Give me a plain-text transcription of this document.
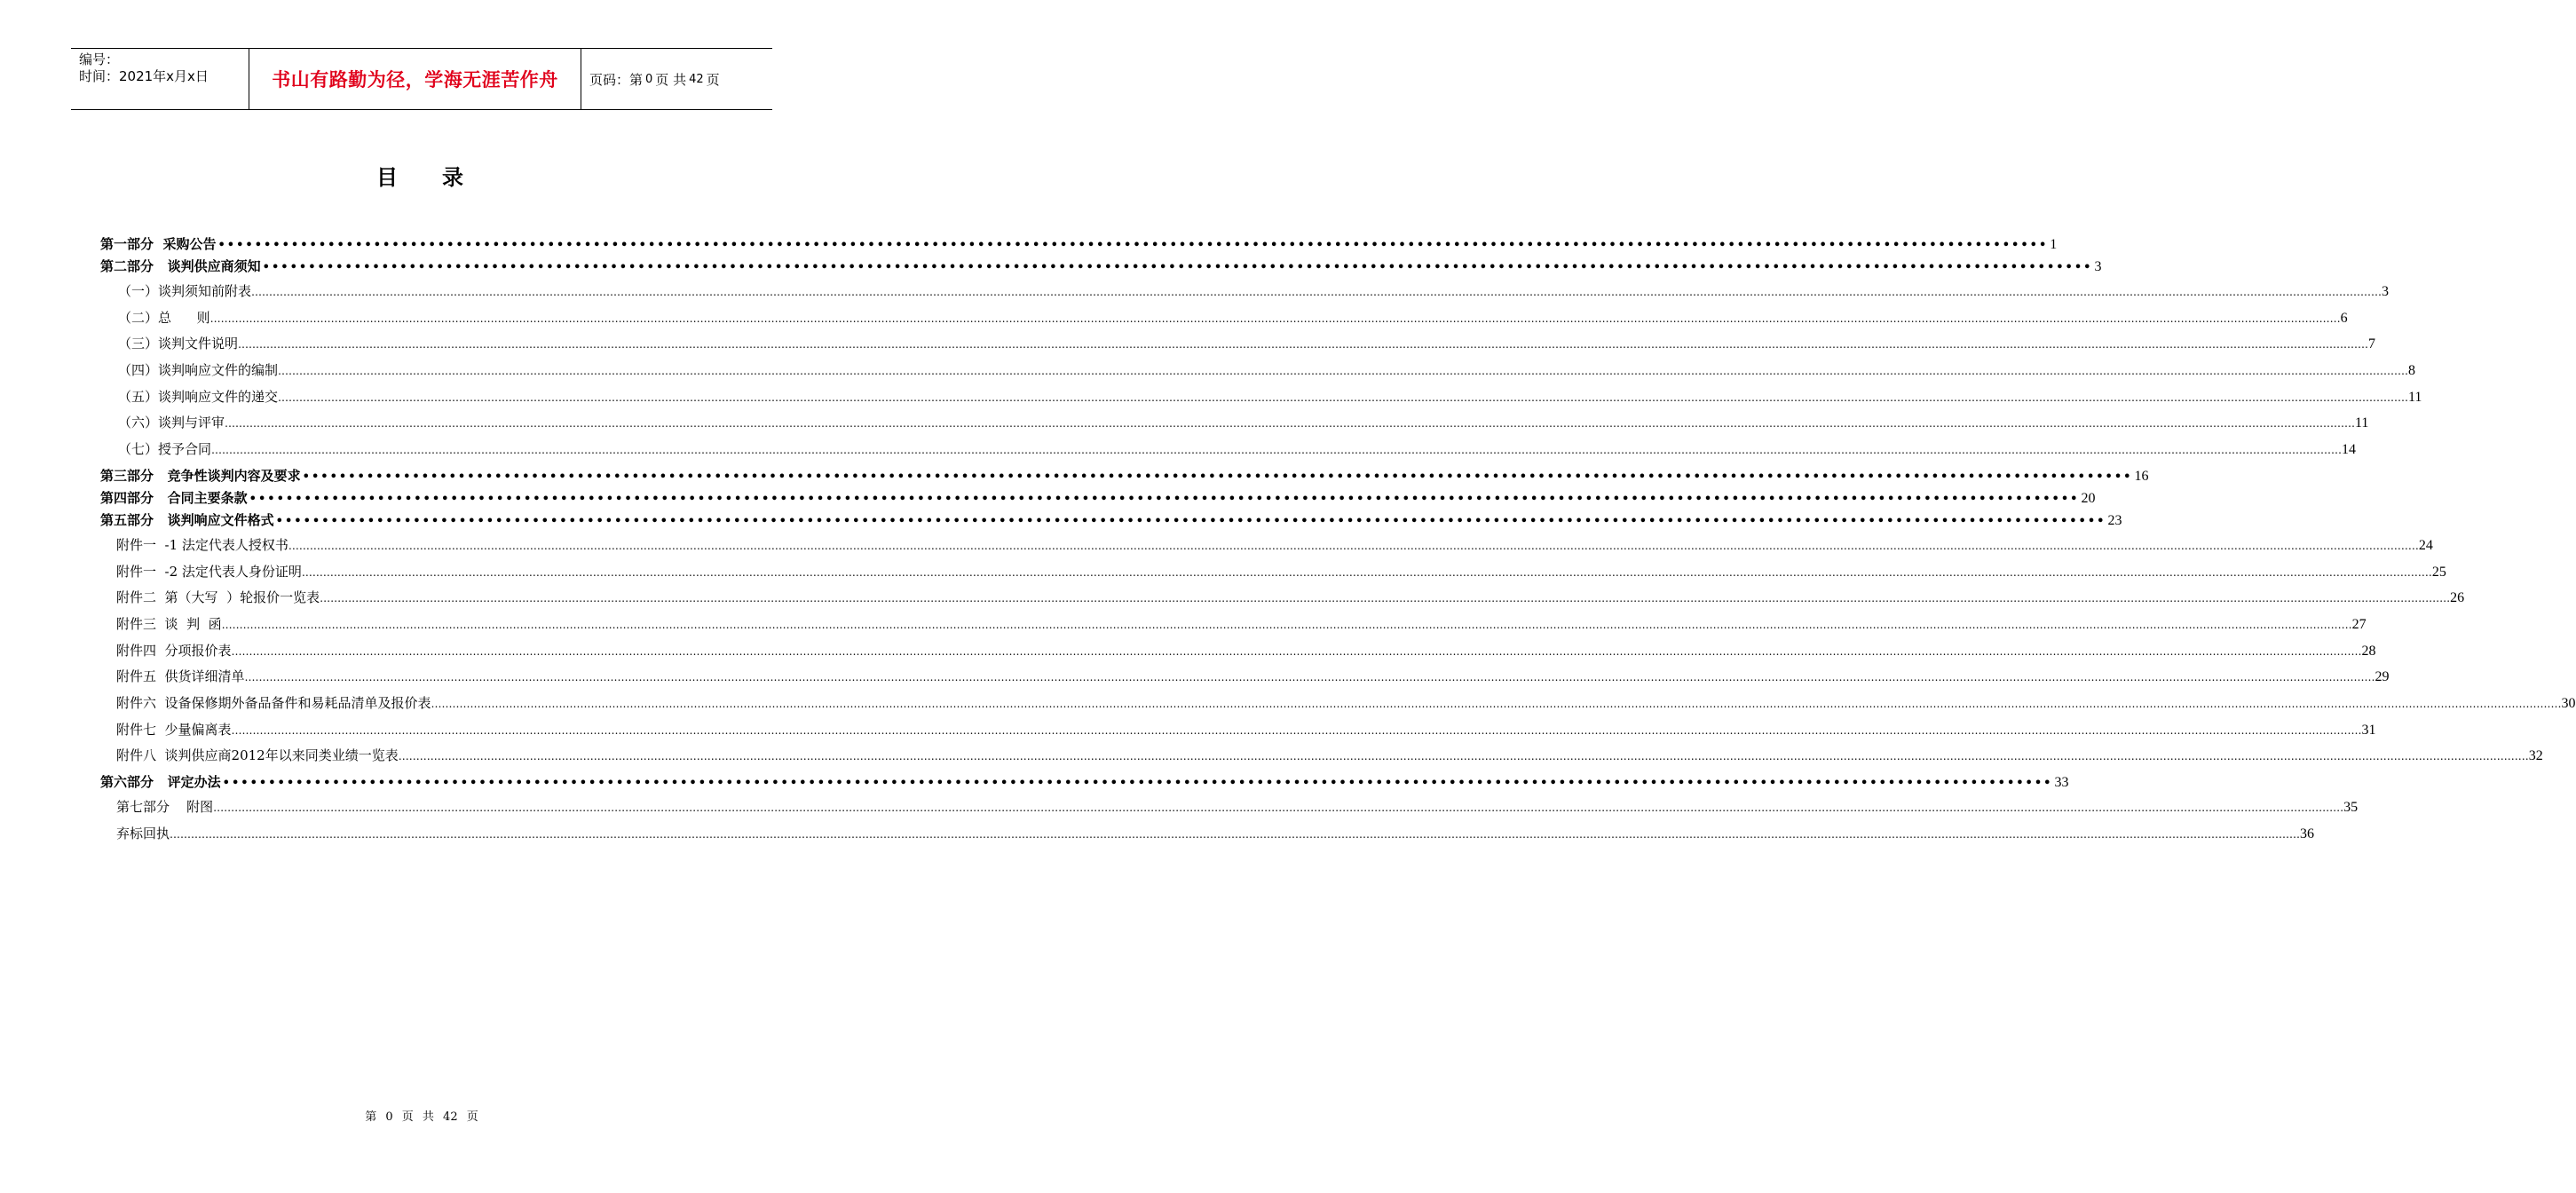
编号：
时间：2021年x月x日	书山有路勤为径，学海无涯苦作舟	页码：第 0 页 共 42 页
目录
第一部分  采购公告 •••••••••••••••••••••••••••••••••••••••••••••••••••••••••••••••••••••••••••••••••••••••••••••••••••••••••••••••••••••••••••••••••••••••••••••••••••••••••••••••••••••••••••••••••••••••••••••••••••••••• 1
第二部分   谈判供应商须知 •••••••••••••••••••••••••••••••••••••••••••••••••••••••••••••••••••••••••••••••••••••••••••••••••••••••••••••••••••••••••••••••••••••••••••••••••••••••••••••••••••••••••••••••••••••••••••••••••••••••• 3
（一）谈判须知前附表 …………………………………………………………………………………………………………………………………………………………………………………………………………………………………………………………………………………………………………………………………………………………………………………………………………………………………………………………………………………………………………………………………………………… 3
（二）总      则 …………………………………………………………………………………………………………………………………………………………………………………………………………………………………………………………………………………………………………………………………………………………………………………………………………………………………………………………………………………………………………………………………………………… 6
（三）谈判文件说明 …………………………………………………………………………………………………………………………………………………………………………………………………………………………………………………………………………………………………………………………………………………………………………………………………………………………………………………………………………………………………………………………………………………… 7
（四）谈判响应文件的编制 …………………………………………………………………………………………………………………………………………………………………………………………………………………………………………………………………………………………………………………………………………………………………………………………………………………………………………………………………………………………………………………………………………………… 8
（五）谈判响应文件的递交 …………………………………………………………………………………………………………………………………………………………………………………………………………………………………………………………………………………………………………………………………………………………………………………………………………………………………………………………………………………………………………………………………………………… 11
（六）谈判与评审 …………………………………………………………………………………………………………………………………………………………………………………………………………………………………………………………………………………………………………………………………………………………………………………………………………………………………………………………………………………………………………………………………………………… 11
（七）授予合同 …………………………………………………………………………………………………………………………………………………………………………………………………………………………………………………………………………………………………………………………………………………………………………………………………………………………………………………………………………………………………………………………………………………… 14
第三部分   竞争性谈判内容及要求 •••••••••••••••••••••••••••••••••••••••••••••••••••••••••••••••••••••••••••••••••••••••••••••••••••••••••••••••••••••••••••••••••••••••••••••••••••••••••••••••••••••••••••••••••••••••••••••••••••••••• 16
第四部分   合同主要条款 •••••••••••••••••••••••••••••••••••••••••••••••••••••••••••••••••••••••••••••••••••••••••••••••••••••••••••••••••••••••••••••••••••••••••••••••••••••••••••••••••••••••••••••••••••••••••••••••••••••••• 20
第五部分   谈判响应文件格式 •••••••••••••••••••••••••••••••••••••••••••••••••••••••••••••••••••••••••••••••••••••••••••••••••••••••••••••••••••••••••••••••••••••••••••••••••••••••••••••••••••••••••••••••••••••••••••••••••••••••• 23
附件一  -1 法定代表人授权书 …………………………………………………………………………………………………………………………………………………………………………………………………………………………………………………………………………………………………………………………………………………………………………………………………………………………………………………………………………………………………………………………………………………… 24
附件一  -2 法定代表人身份证明 …………………………………………………………………………………………………………………………………………………………………………………………………………………………………………………………………………………………………………………………………………………………………………………………………………………………………………………………………………………………………………………………………………………… 25
附件二  第（大写  ）轮报价一览表 …………………………………………………………………………………………………………………………………………………………………………………………………………………………………………………………………………………………………………………………………………………………………………………………………………………………………………………………………………………………………………………………………………………… 26
附件三  谈  判  函 …………………………………………………………………………………………………………………………………………………………………………………………………………………………………………………………………………………………………………………………………………………………………………………………………………………………………………………………………………………………………………………………………………………… 27
附件四  分项报价表 …………………………………………………………………………………………………………………………………………………………………………………………………………………………………………………………………………………………………………………………………………………………………………………………………………………………………………………………………………………………………………………………………………………… 28
附件五  供货详细清单 …………………………………………………………………………………………………………………………………………………………………………………………………………………………………………………………………………………………………………………………………………………………………………………………………………………………………………………………………………………………………………………………………………………… 29
附件六  设备保修期外备品备件和易耗品清单及报价表 …………………………………………………………………………………………………………………………………………………………………………………………………………………………………………………………………………………………………………………………………………………………………………………………………………………………………………………………………………………………………………………………………………………… 30
附件七  少量偏离表 …………………………………………………………………………………………………………………………………………………………………………………………………………………………………………………………………………………………………………………………………………………………………………………………………………………………………………………………………………………………………………………………………………………… 31
附件八  谈判供应商2012年以来同类业绩一览表 …………………………………………………………………………………………………………………………………………………………………………………………………………………………………………………………………………………………………………………………………………………………………………………………………………………………………………………………………………………………………………………………………………………… 32
第六部分   评定办法 •••••••••••••••••••••••••••••••••••••••••••••••••••••••••••••••••••••••••••••••••••••••••••••••••••••••••••••••••••••••••••••••••••••••••••••••••••••••••••••••••••••••••••••••••••••••••••••••••••••••• 33
第七部分    附图 …………………………………………………………………………………………………………………………………………………………………………………………………………………………………………………………………………………………………………………………………………………………………………………………………………………………………………………………………………………………………………………………………………………… 35
弃标回执 …………………………………………………………………………………………………………………………………………………………………………………………………………………………………………………………………………………………………………………………………………………………………………………………………………………………………………………………………………………………………………………………………………………… 36
第 0 页 共 42 页
